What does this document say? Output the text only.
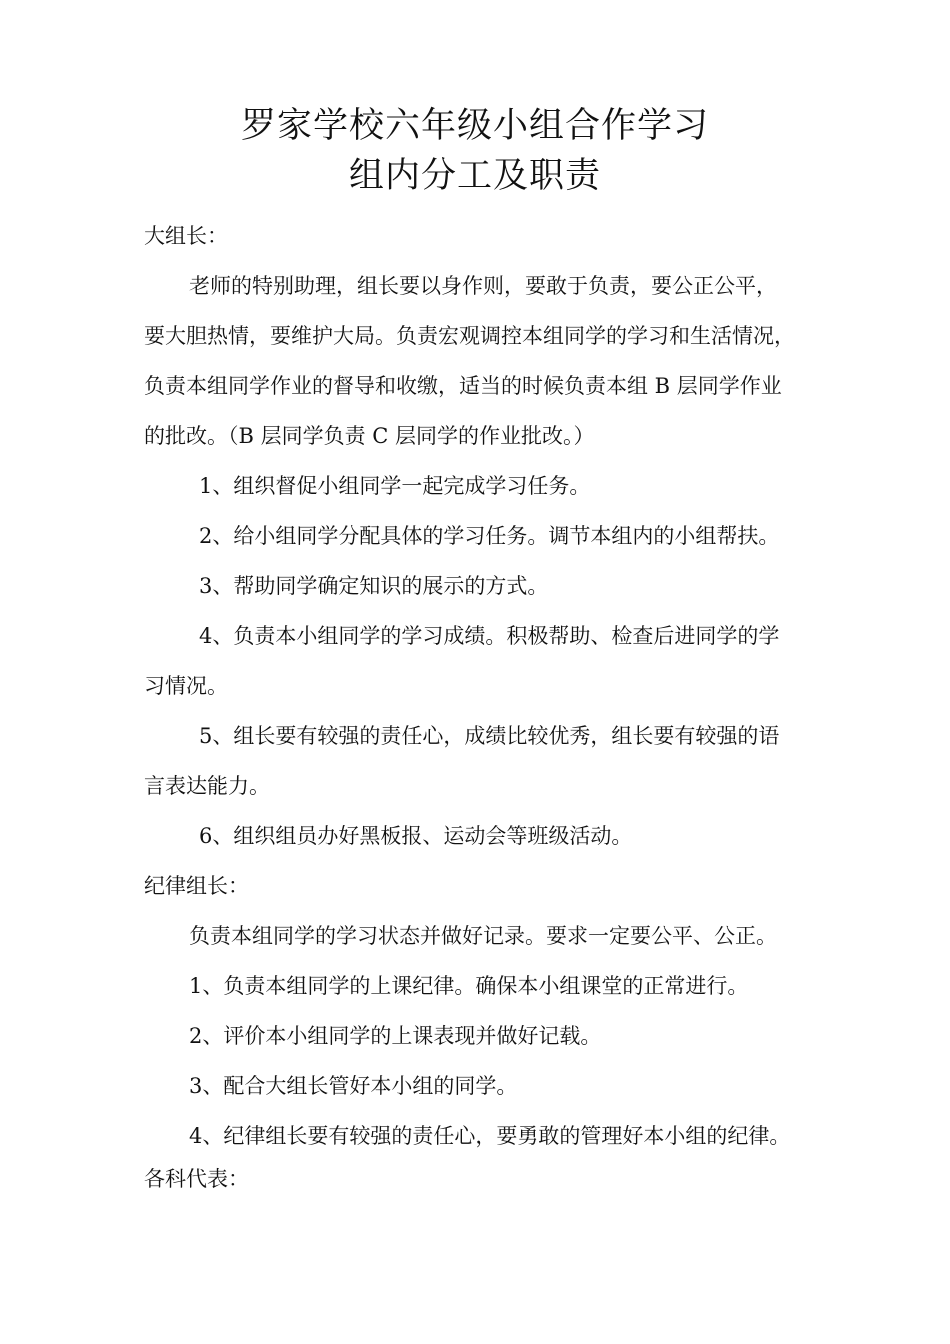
罗家学校六年级小组合作学习
组内分工及职责
大组长：
老师的特别助理，组长要以身作则，要敢于负责，要公正公平，
要大胆热情，要维护大局。负责宏观调控本组同学的学习和生活情况，
负责本组同学作业的督导和收缴，适当的时候负责本组 B 层同学作业
的批改。（B 层同学负责 C 层同学的作业批改。）
1、组织督促小组同学一起完成学习任务。
2、给小组同学分配具体的学习任务。调节本组内的小组帮扶。
3、帮助同学确定知识的展示的方式。
4、负责本小组同学的学习成绩。积极帮助、检查后进同学的学
习情况。
5、组长要有较强的责任心，成绩比较优秀，组长要有较强的语
言表达能力。
6、组织组员办好黑板报、运动会等班级活动。
纪律组长：
负责本组同学的学习状态并做好记录。要求一定要公平、公正。
1、负责本组同学的上课纪律。确保本小组课堂的正常进行。
2、评价本小组同学的上课表现并做好记载。
3、配合大组长管好本小组的同学。
4、纪律组长要有较强的责任心，要勇敢的管理好本小组的纪律。
各科代表：
